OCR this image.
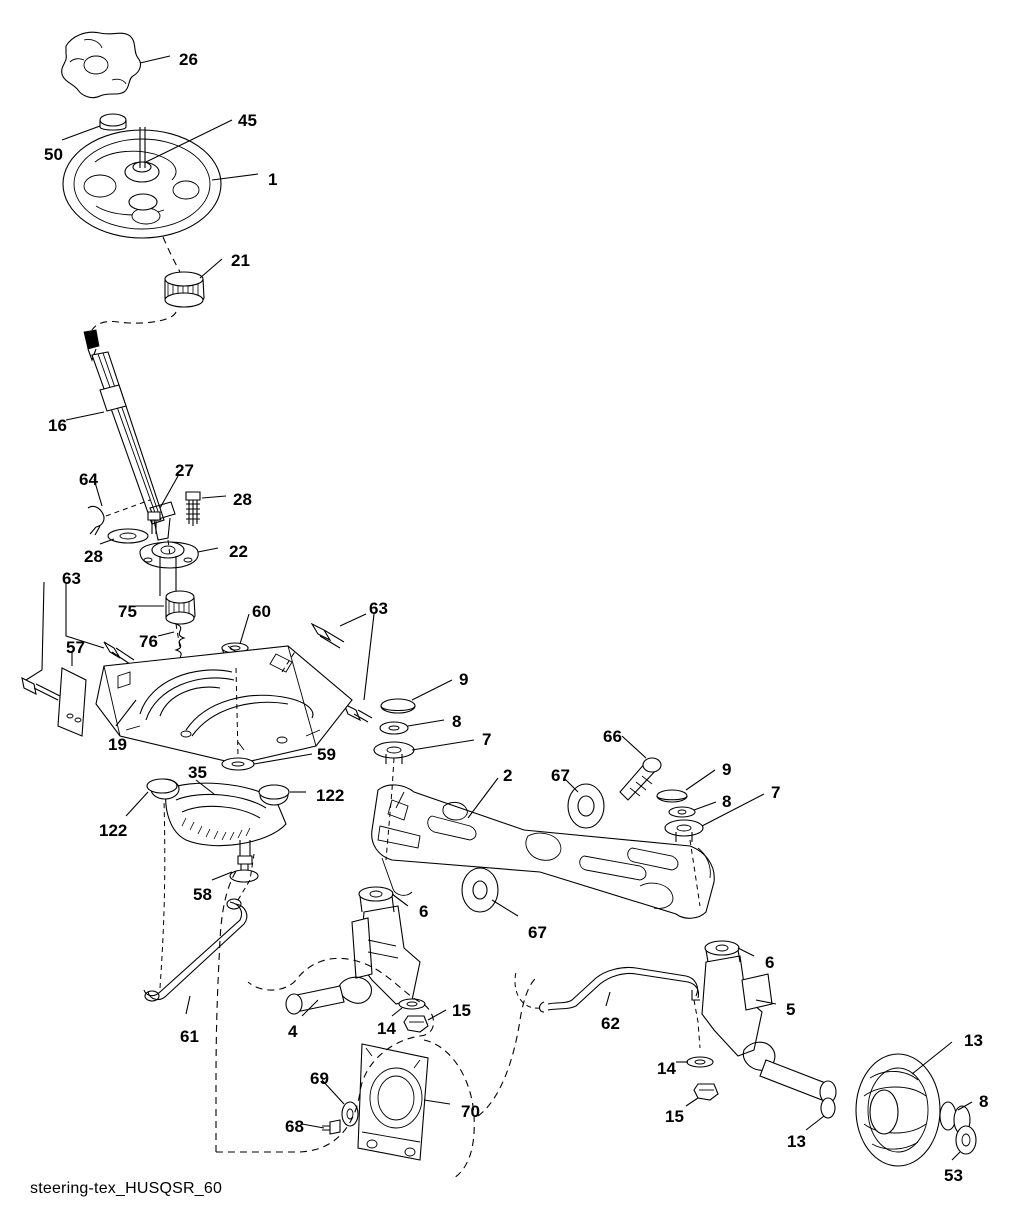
26
45
50
1
21
16
64	27
28
28	22
63
75	60	63
57	76
9
8
7	66
19
59
35	2 67	9
7
8
122
122
58
6
67
6
5
15
14
4	62
61
14
13
8
15
69
70
68
13
53
steering-tex_HUSQSR_60
